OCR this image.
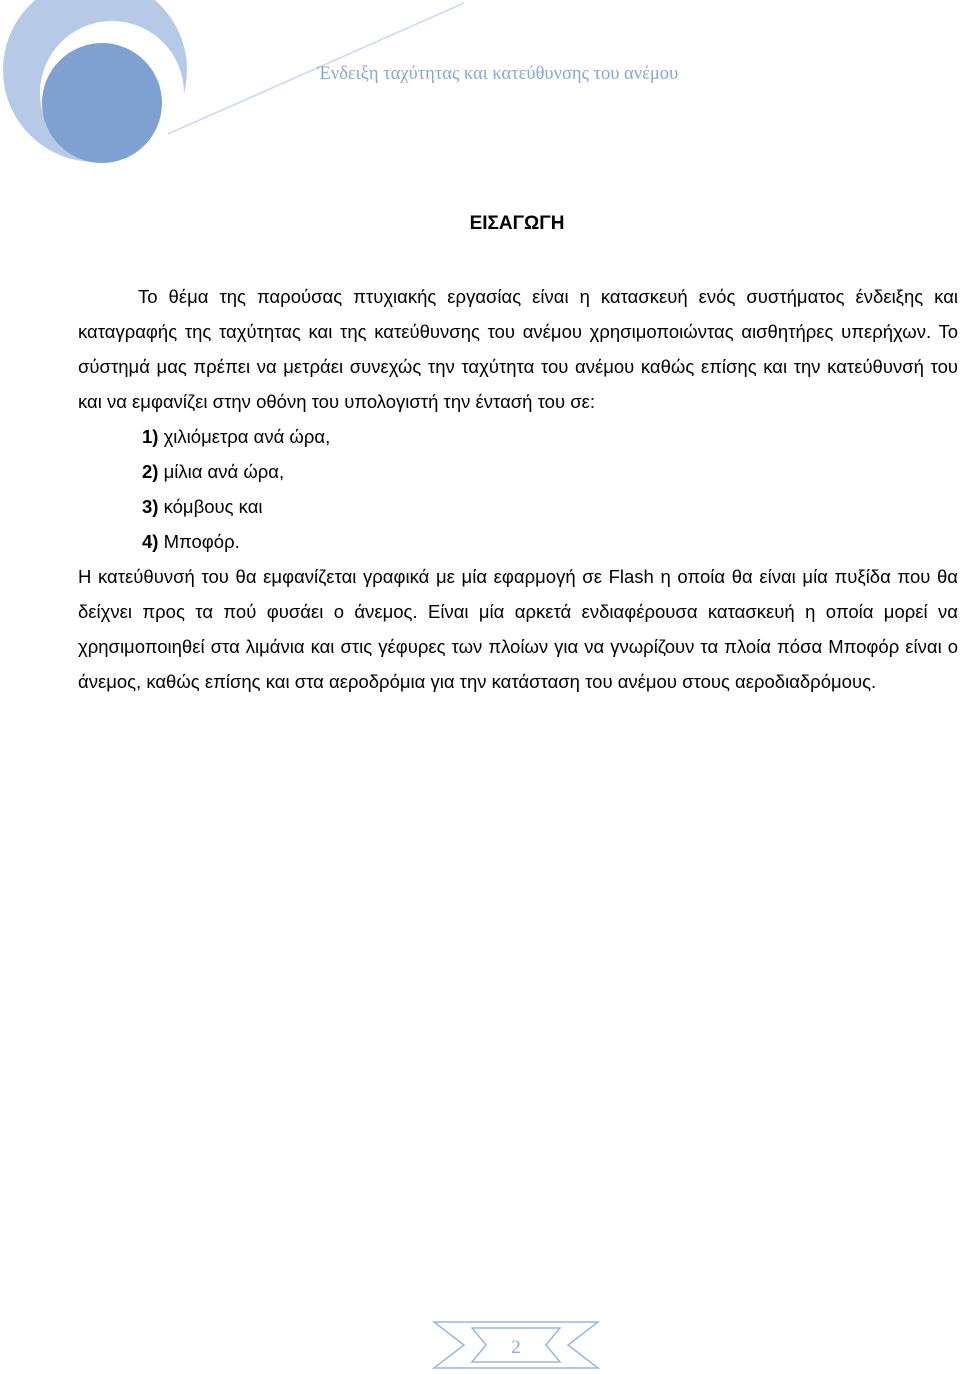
Ένδειξη ταχύτητας και κατεύθυνσης του ανέμου
ΕΙΣΑΓΩΓΗ
Το θέμα της παρούσας πτυχιακής εργασίας είναι η κατασκευή ενός συστήματος ένδειξης και καταγραφής της ταχύτητας και της κατεύθυνσης του ανέμου χρησιμοποιώντας αισθητήρες υπερήχων. Το σύστημά μας πρέπει να μετράει συνεχώς την ταχύτητα του ανέμου καθώς επίσης και την κατεύθυνσή του και να εμφανίζει στην οθόνη του υπολογιστή την έντασή του σε:
1) χιλιόμετρα ανά ώρα,
2) μίλια ανά ώρα,
3) κόμβους και
4) Μποφόρ.
Η κατεύθυνσή του θα εμφανίζεται γραφικά με μία εφαρμογή σε Flash η οποία θα είναι μία πυξίδα που θα δείχνει προς τα πού φυσάει ο άνεμος. Είναι μία αρκετά ενδιαφέρουσα κατασκευή η οποία μορεί να χρησιμοποιηθεί στα λιμάνια και στις γέφυρες των πλοίων για να γνωρίζουν τα πλοία πόσα Μποφόρ είναι ο άνεμος, καθώς επίσης και στα αεροδρόμια για την κατάσταση του ανέμου στους αεροδιαδρόμους.
2
